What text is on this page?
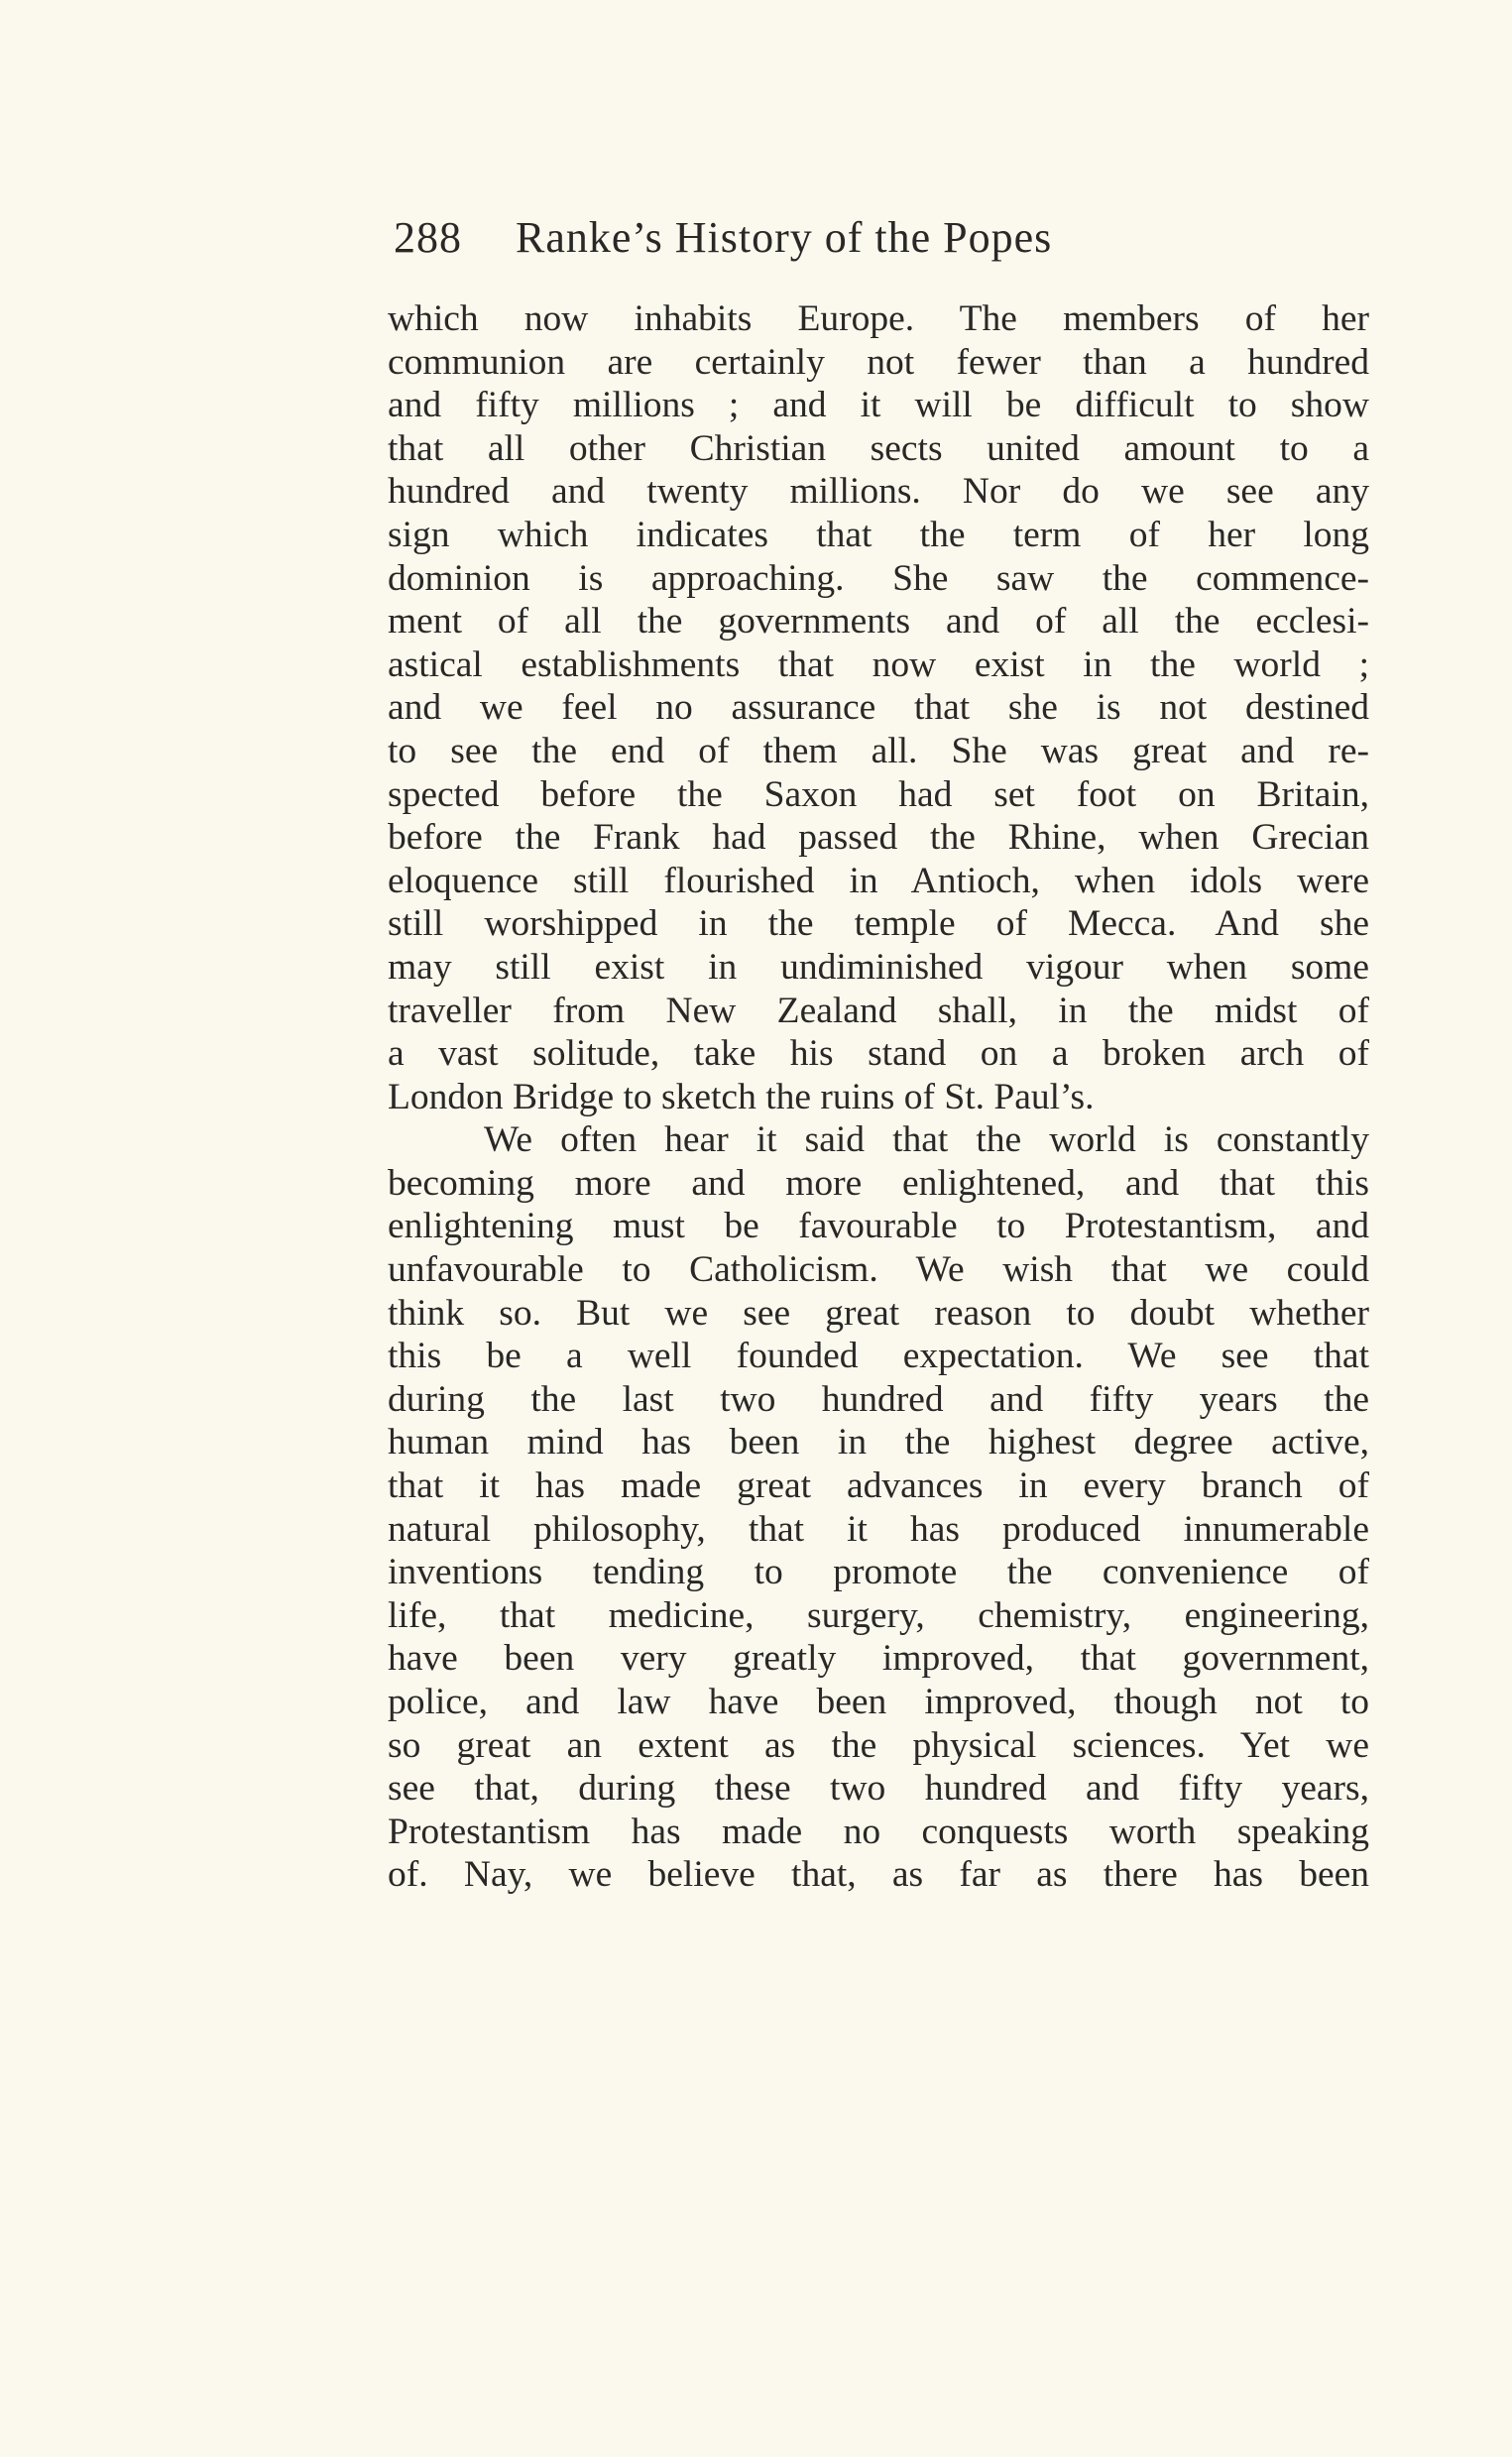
288 Ranke’s History of the Popes
which now inhabits Europe. The members of her
communion are certainly not fewer than a hundred
and fifty millions ; and it will be difficult to show
that all other Christian sects united amount to a
hundred and twenty millions. Nor do we see any
sign which indicates that the term of her long
dominion is approaching. She saw the commence-
ment of all the governments and of all the ecclesi-
astical establishments that now exist in the world ;
and we feel no assurance that she is not destined
to see the end of them all. She was great and re-
spected before the Saxon had set foot on Britain,
before the Frank had passed the Rhine, when Grecian
eloquence still flourished in Antioch, when idols were
still worshipped in the temple of Mecca. And she
may still exist in undiminished vigour when some
traveller from New Zealand shall, in the midst of
a vast solitude, take his stand on a broken arch of
London Bridge to sketch the ruins of St. Paul’s.
We often hear it said that the world is constantly
becoming more and more enlightened, and that this
enlightening must be favourable to Protestantism, and
unfavourable to Catholicism. We wish that we could
think so. But we see great reason to doubt whether
this be a well founded expectation. We see that
during the last two hundred and fifty years the
human mind has been in the highest degree active,
that it has made great advances in every branch of
natural philosophy, that it has produced innumerable
inventions tending to promote the convenience of
life, that medicine, surgery, chemistry, engineering,
have been very greatly improved, that government,
police, and law have been improved, though not to
so great an extent as the physical sciences. Yet we
see that, during these two hundred and fifty years,
Protestantism has made no conquests worth speaking
of. Nay, we believe that, as far as there has been
